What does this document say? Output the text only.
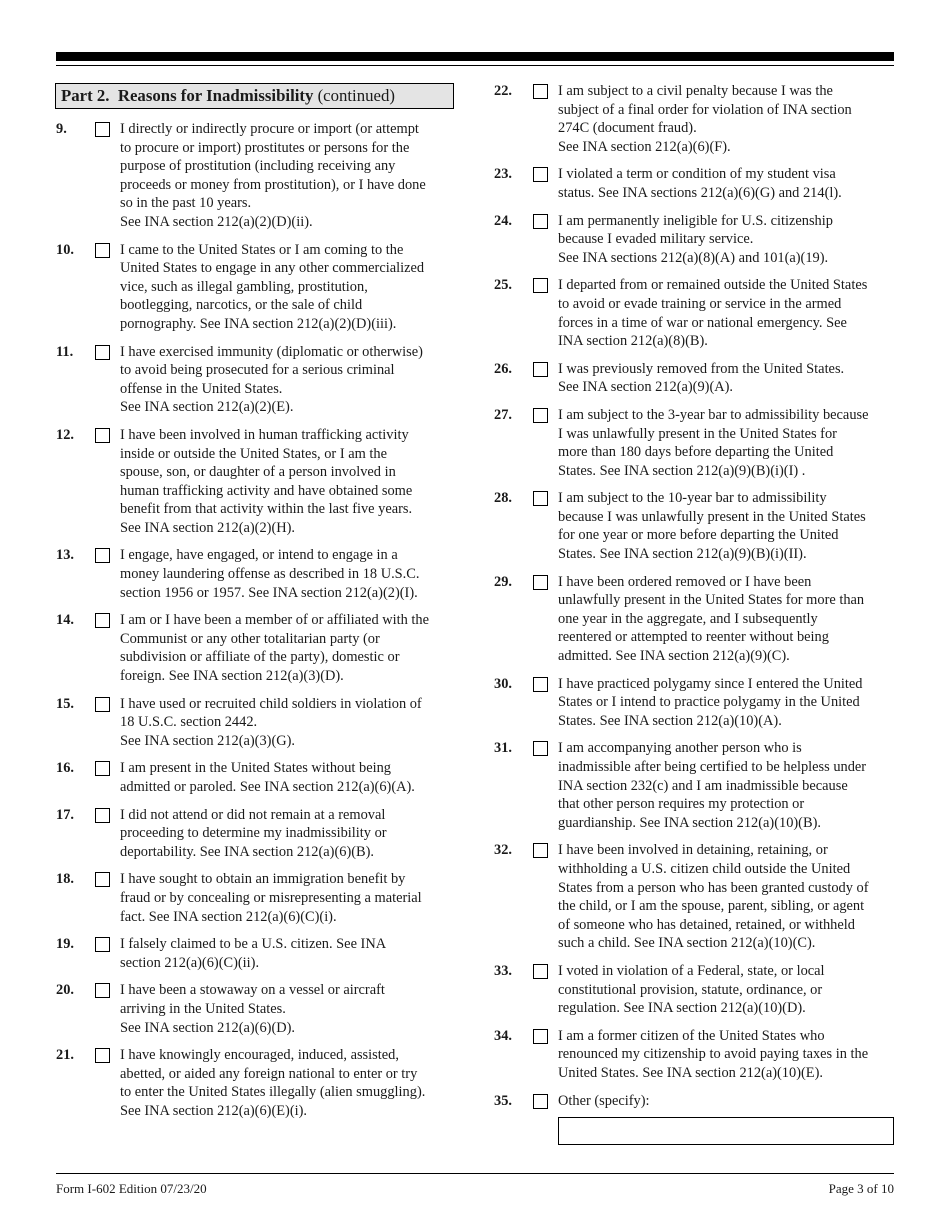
Part 2. Reasons for Inadmissibility (continued)
9.	I directly or indirectly procure or import (or attempt
to procure or import) prostitutes or persons for the
purpose of prostitution (including receiving any
proceeds or money from prostitution), or I have done
so in the past 10 years.
See INA section 212(a)(2)(D)(ii).
10.	I came to the United States or I am coming to the
United States to engage in any other commercialized
vice, such as illegal gambling, prostitution,
bootlegging, narcotics, or the sale of child
pornography. See INA section 212(a)(2)(D)(iii).
11.	I have exercised immunity (diplomatic or otherwise)
to avoid being prosecuted for a serious criminal
offense in the United States.
See INA section 212(a)(2)(E).
12.	I have been involved in human trafficking activity
inside or outside the United States, or I am the
spouse, son, or daughter of a person involved in
human trafficking activity and have obtained some
benefit from that activity within the last five years.
See INA section 212(a)(2)(H).
13.	I engage, have engaged, or intend to engage in a
money laundering offense as described in 18 U.S.C.
section 1956 or 1957. See INA section 212(a)(2)(I).
14.	I am or I have been a member of or affiliated with the
Communist or any other totalitarian party (or
subdivision or affiliate of the party), domestic or
foreign. See INA section 212(a)(3)(D).
15.	I have used or recruited child soldiers in violation of
18 U.S.C. section 2442.
See INA section 212(a)(3)(G).
16.	I am present in the United States without being
admitted or paroled. See INA section 212(a)(6)(A).
17.	I did not attend or did not remain at a removal
proceeding to determine my inadmissibility or
deportability. See INA section 212(a)(6)(B).
18.	I have sought to obtain an immigration benefit by
fraud or by concealing or misrepresenting a material
fact. See INA section 212(a)(6)(C)(i).
19.	I falsely claimed to be a U.S. citizen. See INA
section 212(a)(6)(C)(ii).
20.	I have been a stowaway on a vessel or aircraft
arriving in the United States.
See INA section 212(a)(6)(D).
21.	I have knowingly encouraged, induced, assisted,
abetted, or aided any foreign national to enter or try
to enter the United States illegally (alien smuggling).
See INA section 212(a)(6)(E)(i).
22.	I am subject to a civil penalty because I was the
subject of a final order for violation of INA section
274C (document fraud).
See INA section 212(a)(6)(F).
23.	I violated a term or condition of my student visa
status. See INA sections 212(a)(6)(G) and 214(l).
24.	I am permanently ineligible for U.S. citizenship
because I evaded military service.
See INA sections 212(a)(8)(A) and 101(a)(19).
25.	I departed from or remained outside the United States
to avoid or evade training or service in the armed
forces in a time of war or national emergency. See
INA section 212(a)(8)(B).
26.	I was previously removed from the United States.
See INA section 212(a)(9)(A).
27.	I am subject to the 3-year bar to admissibility because
I was unlawfully present in the United States for
more than 180 days before departing the United
States. See INA section 212(a)(9)(B)(i)(I) .
28.	I am subject to the 10-year bar to admissibility
because I was unlawfully present in the United States
for one year or more before departing the United
States. See INA section 212(a)(9)(B)(i)(II).
29.	I have been ordered removed or I have been
unlawfully present in the United States for more than
one year in the aggregate, and I subsequently
reentered or attempted to reenter without being
admitted. See INA section 212(a)(9)(C).
30.	I have practiced polygamy since I entered the United
States or I intend to practice polygamy in the United
States. See INA section 212(a)(10)(A).
31.	I am accompanying another person who is
inadmissible after being certified to be helpless under
INA section 232(c) and I am inadmissible because
that other person requires my protection or
guardianship. See INA section 212(a)(10)(B).
32.	I have been involved in detaining, retaining, or
withholding a U.S. citizen child outside the United
States from a person who has been granted custody of
the child, or I am the spouse, parent, sibling, or agent
of someone who has detained, retained, or withheld
such a child. See INA section 212(a)(10)(C).
33.	I voted in violation of a Federal, state, or local
constitutional provision, statute, ordinance, or
regulation. See INA section 212(a)(10)(D).
34.	I am a former citizen of the United States who
renounced my citizenship to avoid paying taxes in the
United States. See INA section 212(a)(10)(E).
35.	Other (specify):
Form I-602 Edition 07/23/20	Page 3 of 10
